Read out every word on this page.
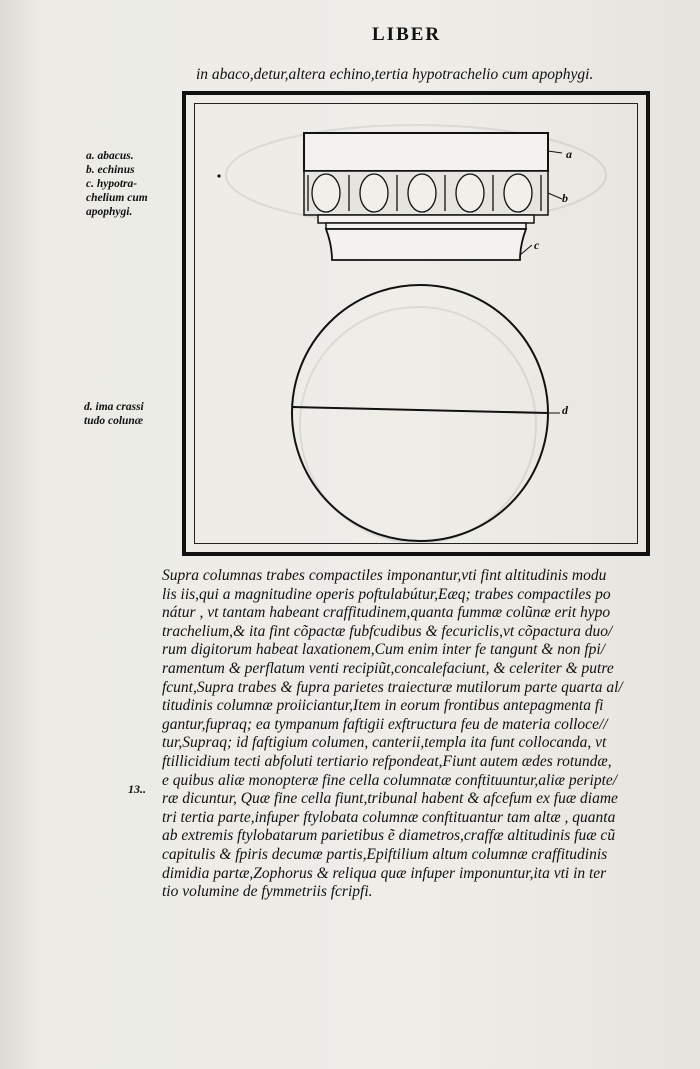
LIBER
in abaco,detur,altera echino,tertia hypotrachelio cum apophygi.
a. abacus.
b. echinus
c. hypotra-
chelium cum
apophygi.
d. ima crassi
tudo colunæ
13..
a
b
c
d
Supra columnas trabes compactiles imponantur,vti fint altitudinis modu
lis iis,qui a magnitudine operis poftulabútur,Eæq; trabes compactiles po
nátur , vt tantam habeant craffitudinem,quanta fummæ colũnæ erit hypo
trachelium,& ita fint cõpactæ fubfcudibus & fecuriclis,vt cõpactura duo/
rum digitorum habeat laxationem,Cum enim inter fe tangunt & non fpi/
ramentum & perflatum venti recipiũt,concalefaciunt, & celeriter & putre
fcunt,Supra trabes & fupra parietes traiecturæ mutilorum parte quarta al/
titudinis columnæ proiiciantur,Item in eorum frontibus antepagmenta fi
gantur,fupraq; ea tympanum faftigii exftructura feu de materia colloce//
tur,Supraq; id faftigium columen, canterii,templa ita funt collocanda, vt
ftillicidium tecti abfoluti tertiario refpondeat,Fiunt autem ædes rotundæ,
e quibus aliæ monopteræ fine cella columnatæ conftituuntur,aliæ peripte/
ræ dicuntur, Quæ fine cella fiunt,tribunal habent & afcefum ex fuæ diame
tri tertia parte,infuper ftylobata columnæ conftituantur tam altæ , quanta
ab extremis ftylobatarum parietibus ẽ diametros,craffæ altitudinis fuæ cũ
capitulis & fpiris decumæ partis,Epiftilium altum columnæ craffitudinis
dimidia partæ,Zophorus & reliqua quæ infuper imponuntur,ita vti in ter
tio volumine de fymmetriis fcripfi.
